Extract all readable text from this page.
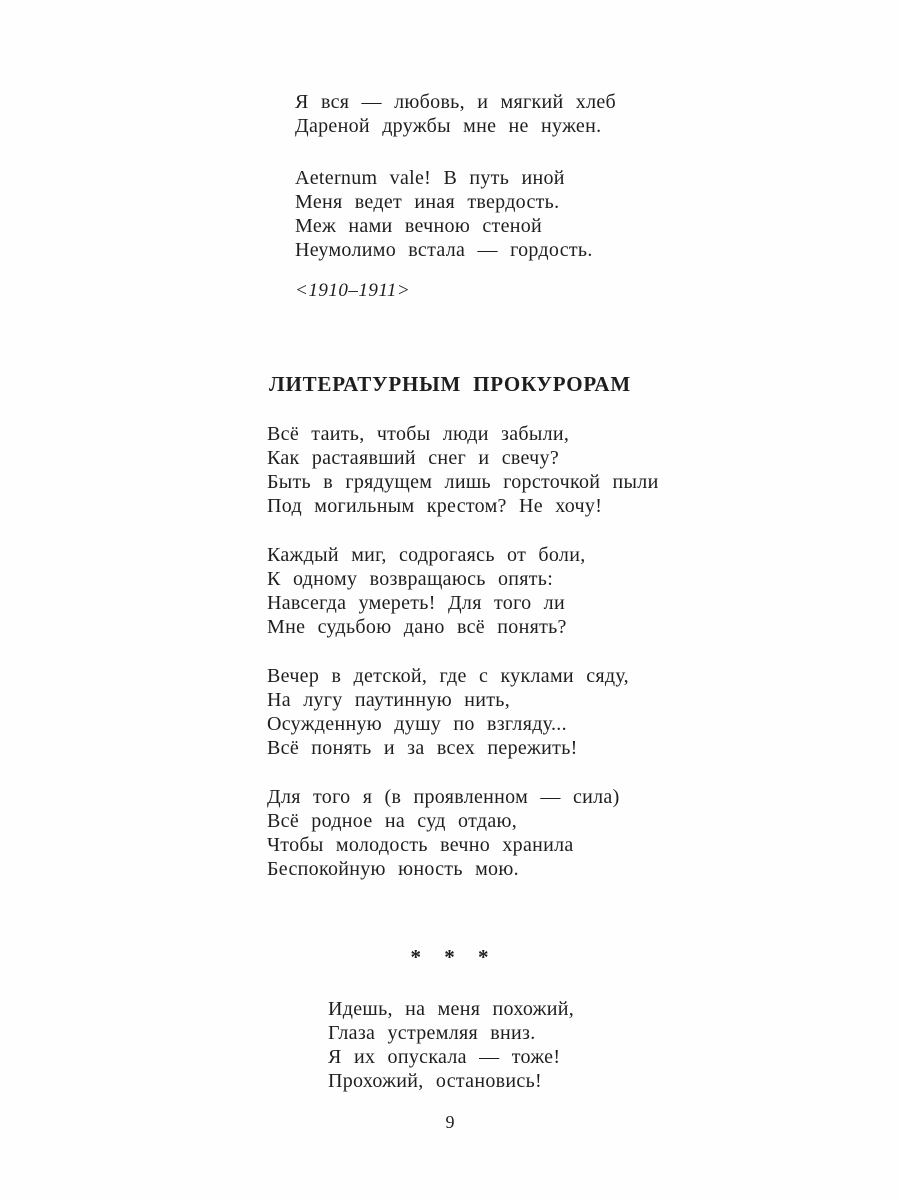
Я вся — любовь, и мягкий хлеб
Дареной дружбы мне не нужен.
Aeternum vale! В путь иной
Меня ведет иная твердость.
Меж нами вечною стеной
Неумолимо встала — гордость.
<1910–1911>
ЛИТЕРАТУРНЫМ ПРОКУРОРАМ
Всё таить, чтобы люди забыли,
Как растаявший снег и свечу?
Быть в грядущем лишь горсточкой пыли
Под могильным крестом? Не хочу!
Каждый миг, содрогаясь от боли,
К одному возвращаюсь опять:
Навсегда умереть! Для того ли
Мне судьбою дано всё понять?
Вечер в детской, где с куклами сяду,
На лугу паутинную нить,
Осужденную душу по взгляду...
Всё понять и за всех пережить!
Для того я (в проявленном — сила)
Всё родное на суд отдаю,
Чтобы молодость вечно хранила
Беспокойную юность мою.
* * *
Идешь, на меня похожий,
Глаза устремляя вниз.
Я их опускала — тоже!
Прохожий, остановись!
9
